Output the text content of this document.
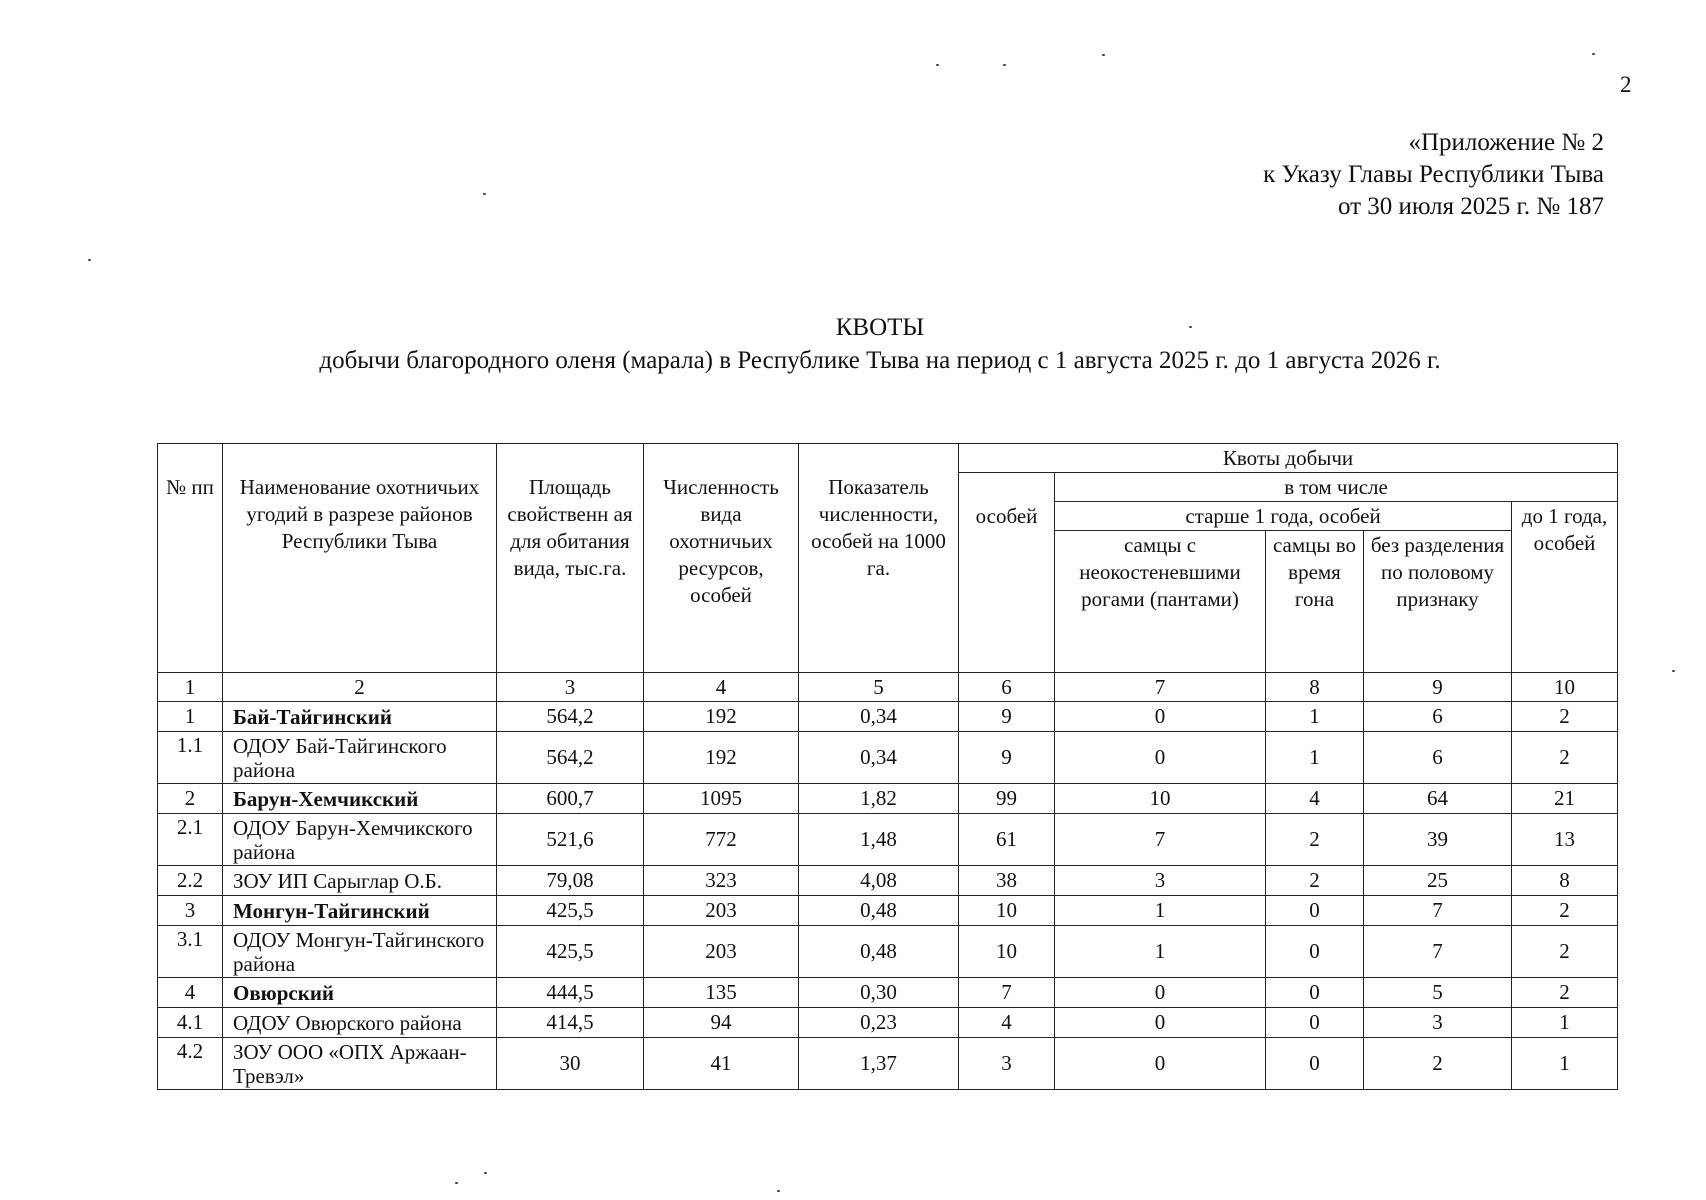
2
«Приложение № 2
к Указу Главы Республики Тыва
от 30 июля 2025 г. № 187
КВОТЫ
добычи благородного оленя (марала) в Республике Тыва на период с 1 августа 2025 г. до 1 августа 2026 г.
№ пп	Наименование охотничьих угодий в разрезе районов Республики Тыва	Площадь свойственн ая для обитания вида, тыс.га.	Численность вида охотничьих ресурсов, особей	Показатель численности, особей на 1000 га.	Квоты добычи				
					особей	в том числе			
						старше 1 года, особей			до 1 года, особей
						самцы с неокостеневшими рогами (пантами)	самцы во время гона	без разделения по половому признаку	
1	2	3	4	5	6	7	8	9	10
1	Бай-Тайгинский	564,2	192	0,34	9	0	1	6	2
1.1	ОДОУ Бай-Тайгинского района	564,2	192	0,34	9	0	1	6	2
2	Барун-Хемчикский	600,7	1095	1,82	99	10	4	64	21
2.1	ОДОУ Барун-Хемчикского района	521,6	772	1,48	61	7	2	39	13
2.2	ЗОУ ИП Сарыглар О.Б.	79,08	323	4,08	38	3	2	25	8
3	Монгун-Тайгинский	425,5	203	0,48	10	1	0	7	2
3.1	ОДОУ Монгун-Тайгинского района	425,5	203	0,48	10	1	0	7	2
4	Овюрский	444,5	135	0,30	7	0	0	5	2
4.1	ОДОУ Овюрского района	414,5	94	0,23	4	0	0	3	1
4.2	ЗОУ ООО «ОПХ Аржаан-Тревэл»	30	41	1,37	3	0	0	2	1
